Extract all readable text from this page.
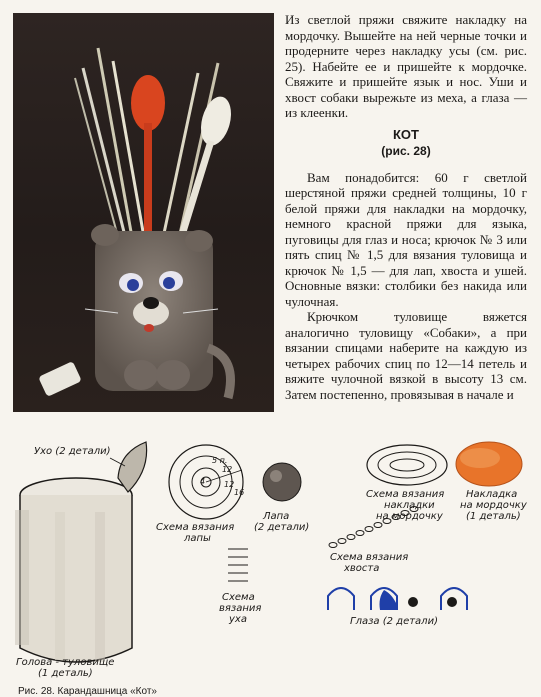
Из светлой пряжи свяжите накладку на мордочку. Вышейте на ней черные точки и продерните через накладку усы (см. рис. 25). Набейте ее и пришейте к мордочке. Свяжите и пришейте язык и нос. Уши и хвост собаки вырежьте из меха, а глаза — из клеенки.

КОТ
(рис. 28)

Вам понадобится: 60 г светлой шерстяной пряжи средней толщины, 10 г белой пряжи для накладки на мордочку, немного красной пряжи для языка, пуговицы для глаз и носа; крючок № 3 или пять спиц № 1,5 для вязания туловища и крючок № 1,5 — для лап, хвоста и ушей. Основные вязки: столбики без накида или чулочная.

Крючком туловище вяжется аналогично туловищу «Собаки», а при вязании спицами наберите на каждую из четырех рабочих спиц по 12—14 петель и вяжите чулочной вязкой в высоту 13 см. Затем постепенно, провязывая в начале и

5 п.
12
4 12
16
Ухо (2 детали)
Голова - туловище
(1 деталь)
Схема вязания
лапы
Лапа
(2 детали)
Схема вязания
накладки
на мордочку
Накладка
на мордочку
(1 деталь)
Схема
вязания
уха
Схема вязания
хвоста
Глаза (2 детали)
Рис. 28. Карандашница «Кот»
